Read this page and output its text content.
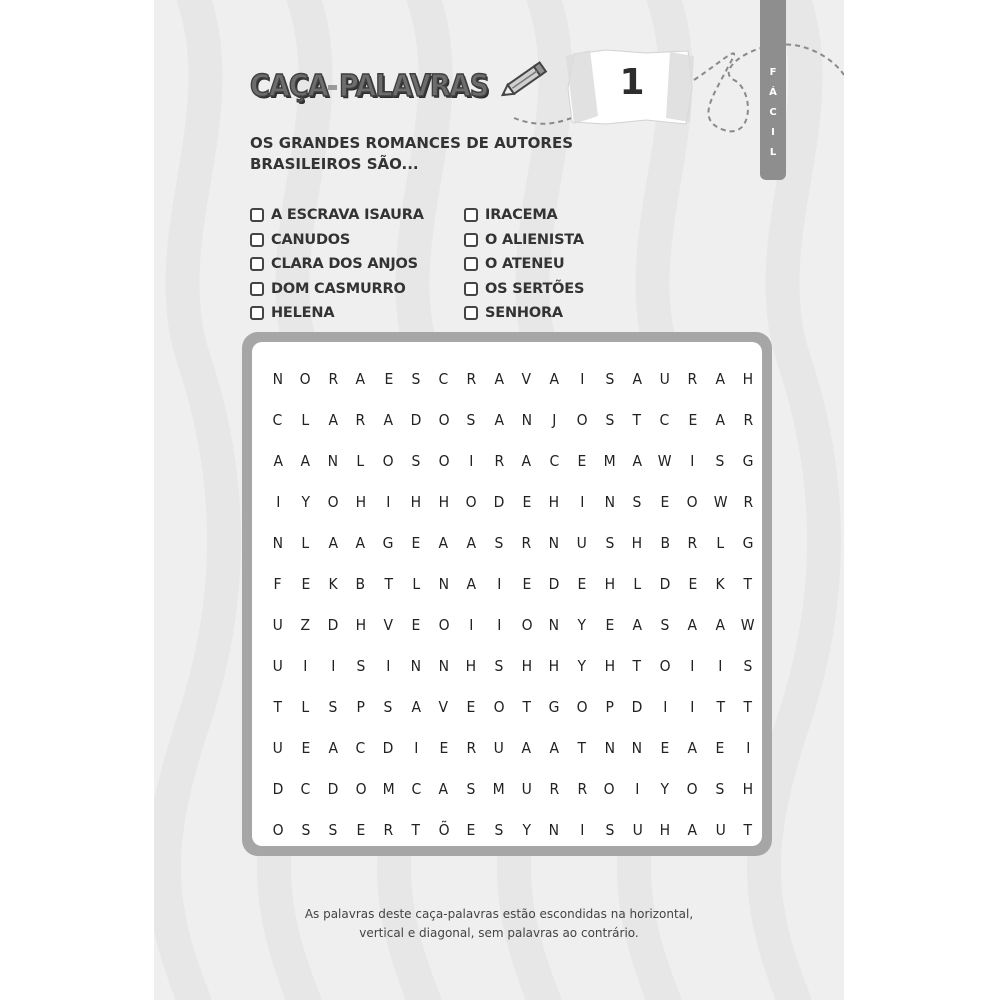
CAÇA PALAVRAS	1	F
Á
C
I
L
OS GRANDES ROMANCES DE AUTORES
BRASILEIROS SÃO...
A ESCRAVA ISAURA
CANUDOS
CLARA DOS ANJOS
DOM CASMURRO
HELENA
IRACEMA
O ALIENISTA
O ATENEU
OS SERTÕES
SENHORA
N	O	R	A	E	S	C	R	A	V	A	I	S	A	U	R	A	H
C	L	A	R	A	D	O	S	A	N	J	O	S	T	C	E	A	R
A	A	N	L	O	S	O	I	R	A	C	E	M	A	W	I	S	G
I	Y	O	H	I	H	H	O	D	E	H	I	N	S	E	O	W	R
N	L	A	A	G	E	A	A	S	R	N	U	S	H	B	R	L	G
F	E	K	B	T	L	N	A	I	E	D	E	H	L	D	E	K	T
U	Z	D	H	V	E	O	I	I	O	N	Y	E	A	S	A	A	W
U	I	I	S	I	N	N	H	S	H	H	Y	H	T	O	I	I	S
T	L	S	P	S	A	V	E	O	T	G	O	P	D	I	I	T	T
U	E	A	C	D	I	E	R	U	A	A	T	N	N	E	A	E	I
D	C	D	O	M	C	A	S	M	U	R	R	O	I	Y	O	S	H
O	S	S	E	R	T	Õ	E	S	Y	N	I	S	U	H	A	U	T
As palavras deste caça-palavras estão escondidas na horizontal,
vertical e diagonal, sem palavras ao contrário.
